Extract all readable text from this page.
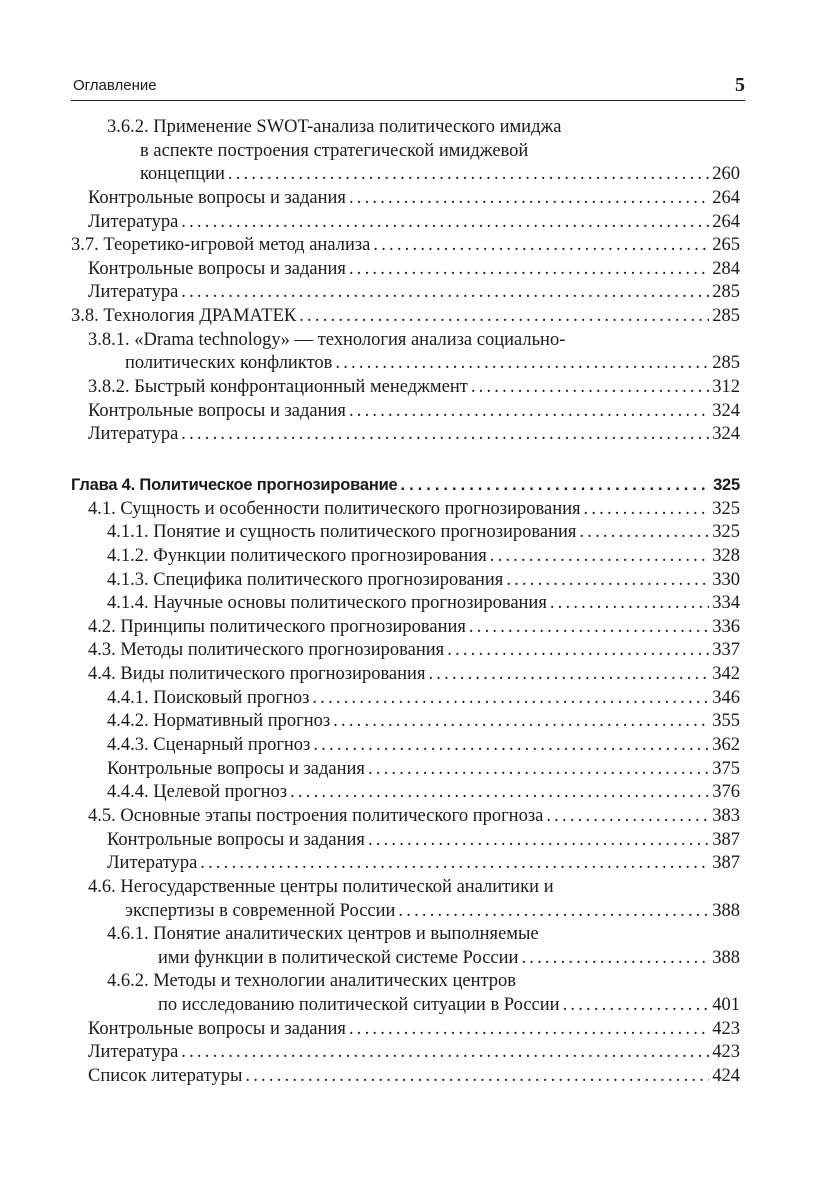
Оглавление	5
3.6.2. Применение SWOT-анализа политического имиджа
в аспекте построения стратегической имиджевой
концепции .....	260
Контрольные вопросы и задания .....	264
Литература .....	264
3.7. Теоретико-игровой метод анализа .....	265
Контрольные вопросы и задания .....	284
Литература .....	285
3.8. Технология ДРАМАТЕК .....	285
3.8.1. «Drama technology» — технология анализа социально-
политических конфликтов .....	285
3.8.2. Быстрый конфронтационный менеджмент .....	312
Контрольные вопросы и задания .....	324
Литература .....	324
Глава 4. Политическое прогнозирование .....	325
4.1. Сущность и особенности политического прогнозирования .....	325
4.1.1. Понятие и сущность политического прогнозирования .....	325
4.1.2. Функции политического прогнозирования .....	328
4.1.3. Специфика политического прогнозирования .....	330
4.1.4. Научные основы политического прогнозирования .....	334
4.2. Принципы политического прогнозирования .....	336
4.3. Методы политического прогнозирования .....	337
4.4. Виды политического прогнозирования .....	342
4.4.1. Поисковый прогноз .....	346
4.4.2. Нормативный прогноз .....	355
4.4.3. Сценарный прогноз .....	362
Контрольные вопросы и задания .....	375
4.4.4. Целевой прогноз .....	376
4.5. Основные этапы построения политического прогноза .....	383
Контрольные вопросы и задания .....	387
Литература .....	387
4.6. Негосударственные центры политической аналитики и
экспертизы в современной России .....	388
4.6.1. Понятие аналитических центров и выполняемые
ими функции в политической системе России .....	388
4.6.2. Методы и технологии аналитических центров
по исследованию политической ситуации в России .....	401
Контрольные вопросы и задания .....	423
Литература .....	423
Список литературы .....	424
